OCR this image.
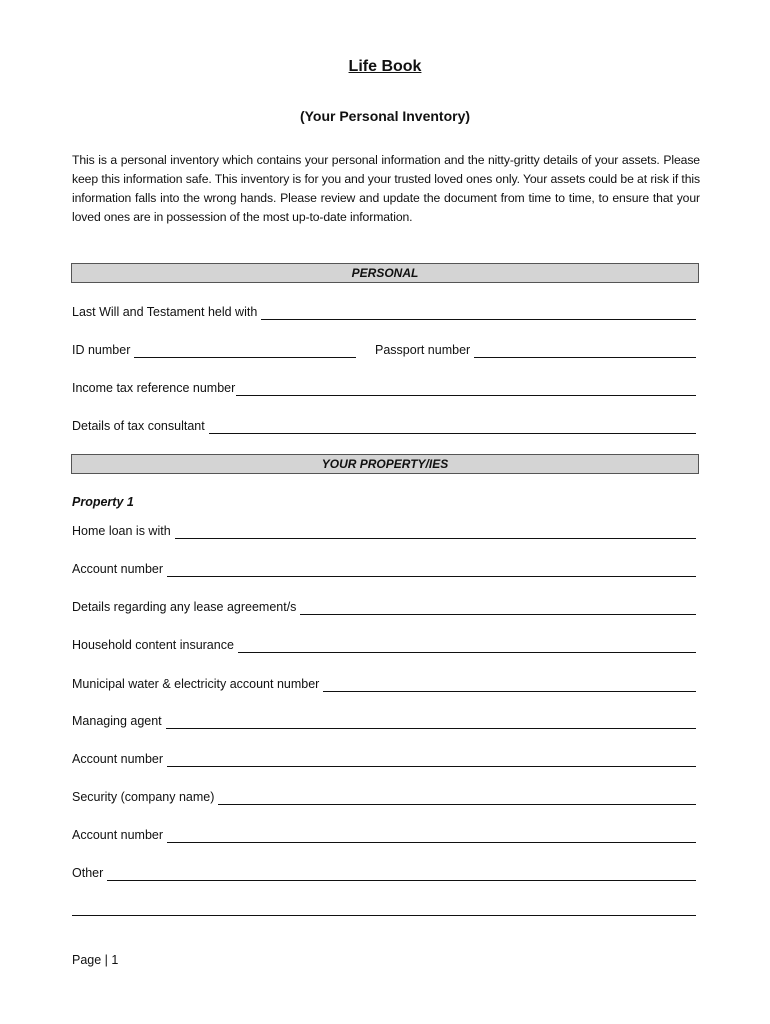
Life Book
(Your Personal Inventory)
This is a personal inventory which contains your personal information and the nitty-gritty details of your assets. Please keep this information safe. This inventory is for you and your trusted loved ones only. Your assets could be at risk if this information falls into the wrong hands. Please review and update the document from time to time, to ensure that your loved ones are in possession of the most up-to-date information.
PERSONAL
Last Will and Testament held with
ID number	Passport number
Income tax reference number
Details of tax consultant
YOUR PROPERTY/IES
Property 1
Home loan is with
Account number
Details regarding any lease agreement/s
Household content insurance
Municipal water & electricity account number
Managing agent
Account number
Security (company name)
Account number
Other
Page | 1
